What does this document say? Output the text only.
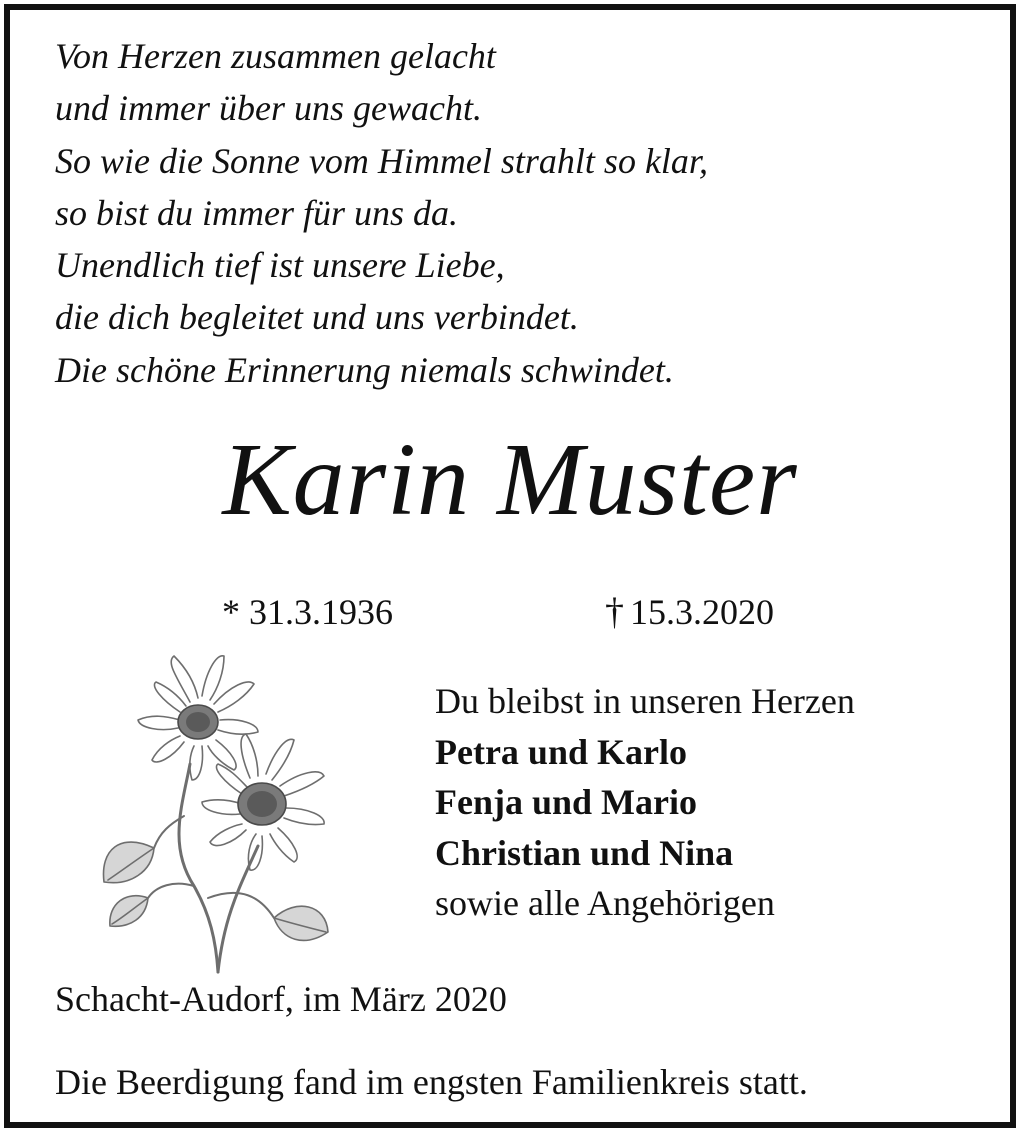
Von Herzen zusammen gelacht
und immer über uns gewacht.
So wie die Sonne vom Himmel strahlt so klar,
so bist du immer für uns da.
Unendlich tief ist unsere Liebe,
die dich begleitet und uns verbindet.
Die schöne Erinnerung niemals schwindet.
Karin Muster
* 31.3.1936	† 15.3.2020
Du bleibst in unseren Herzen
Petra und Karlo
Fenja und Mario
Christian und Nina
sowie alle Angehörigen
Schacht-Audorf, im März 2020
Die Beerdigung fand im engsten Familienkreis statt.
